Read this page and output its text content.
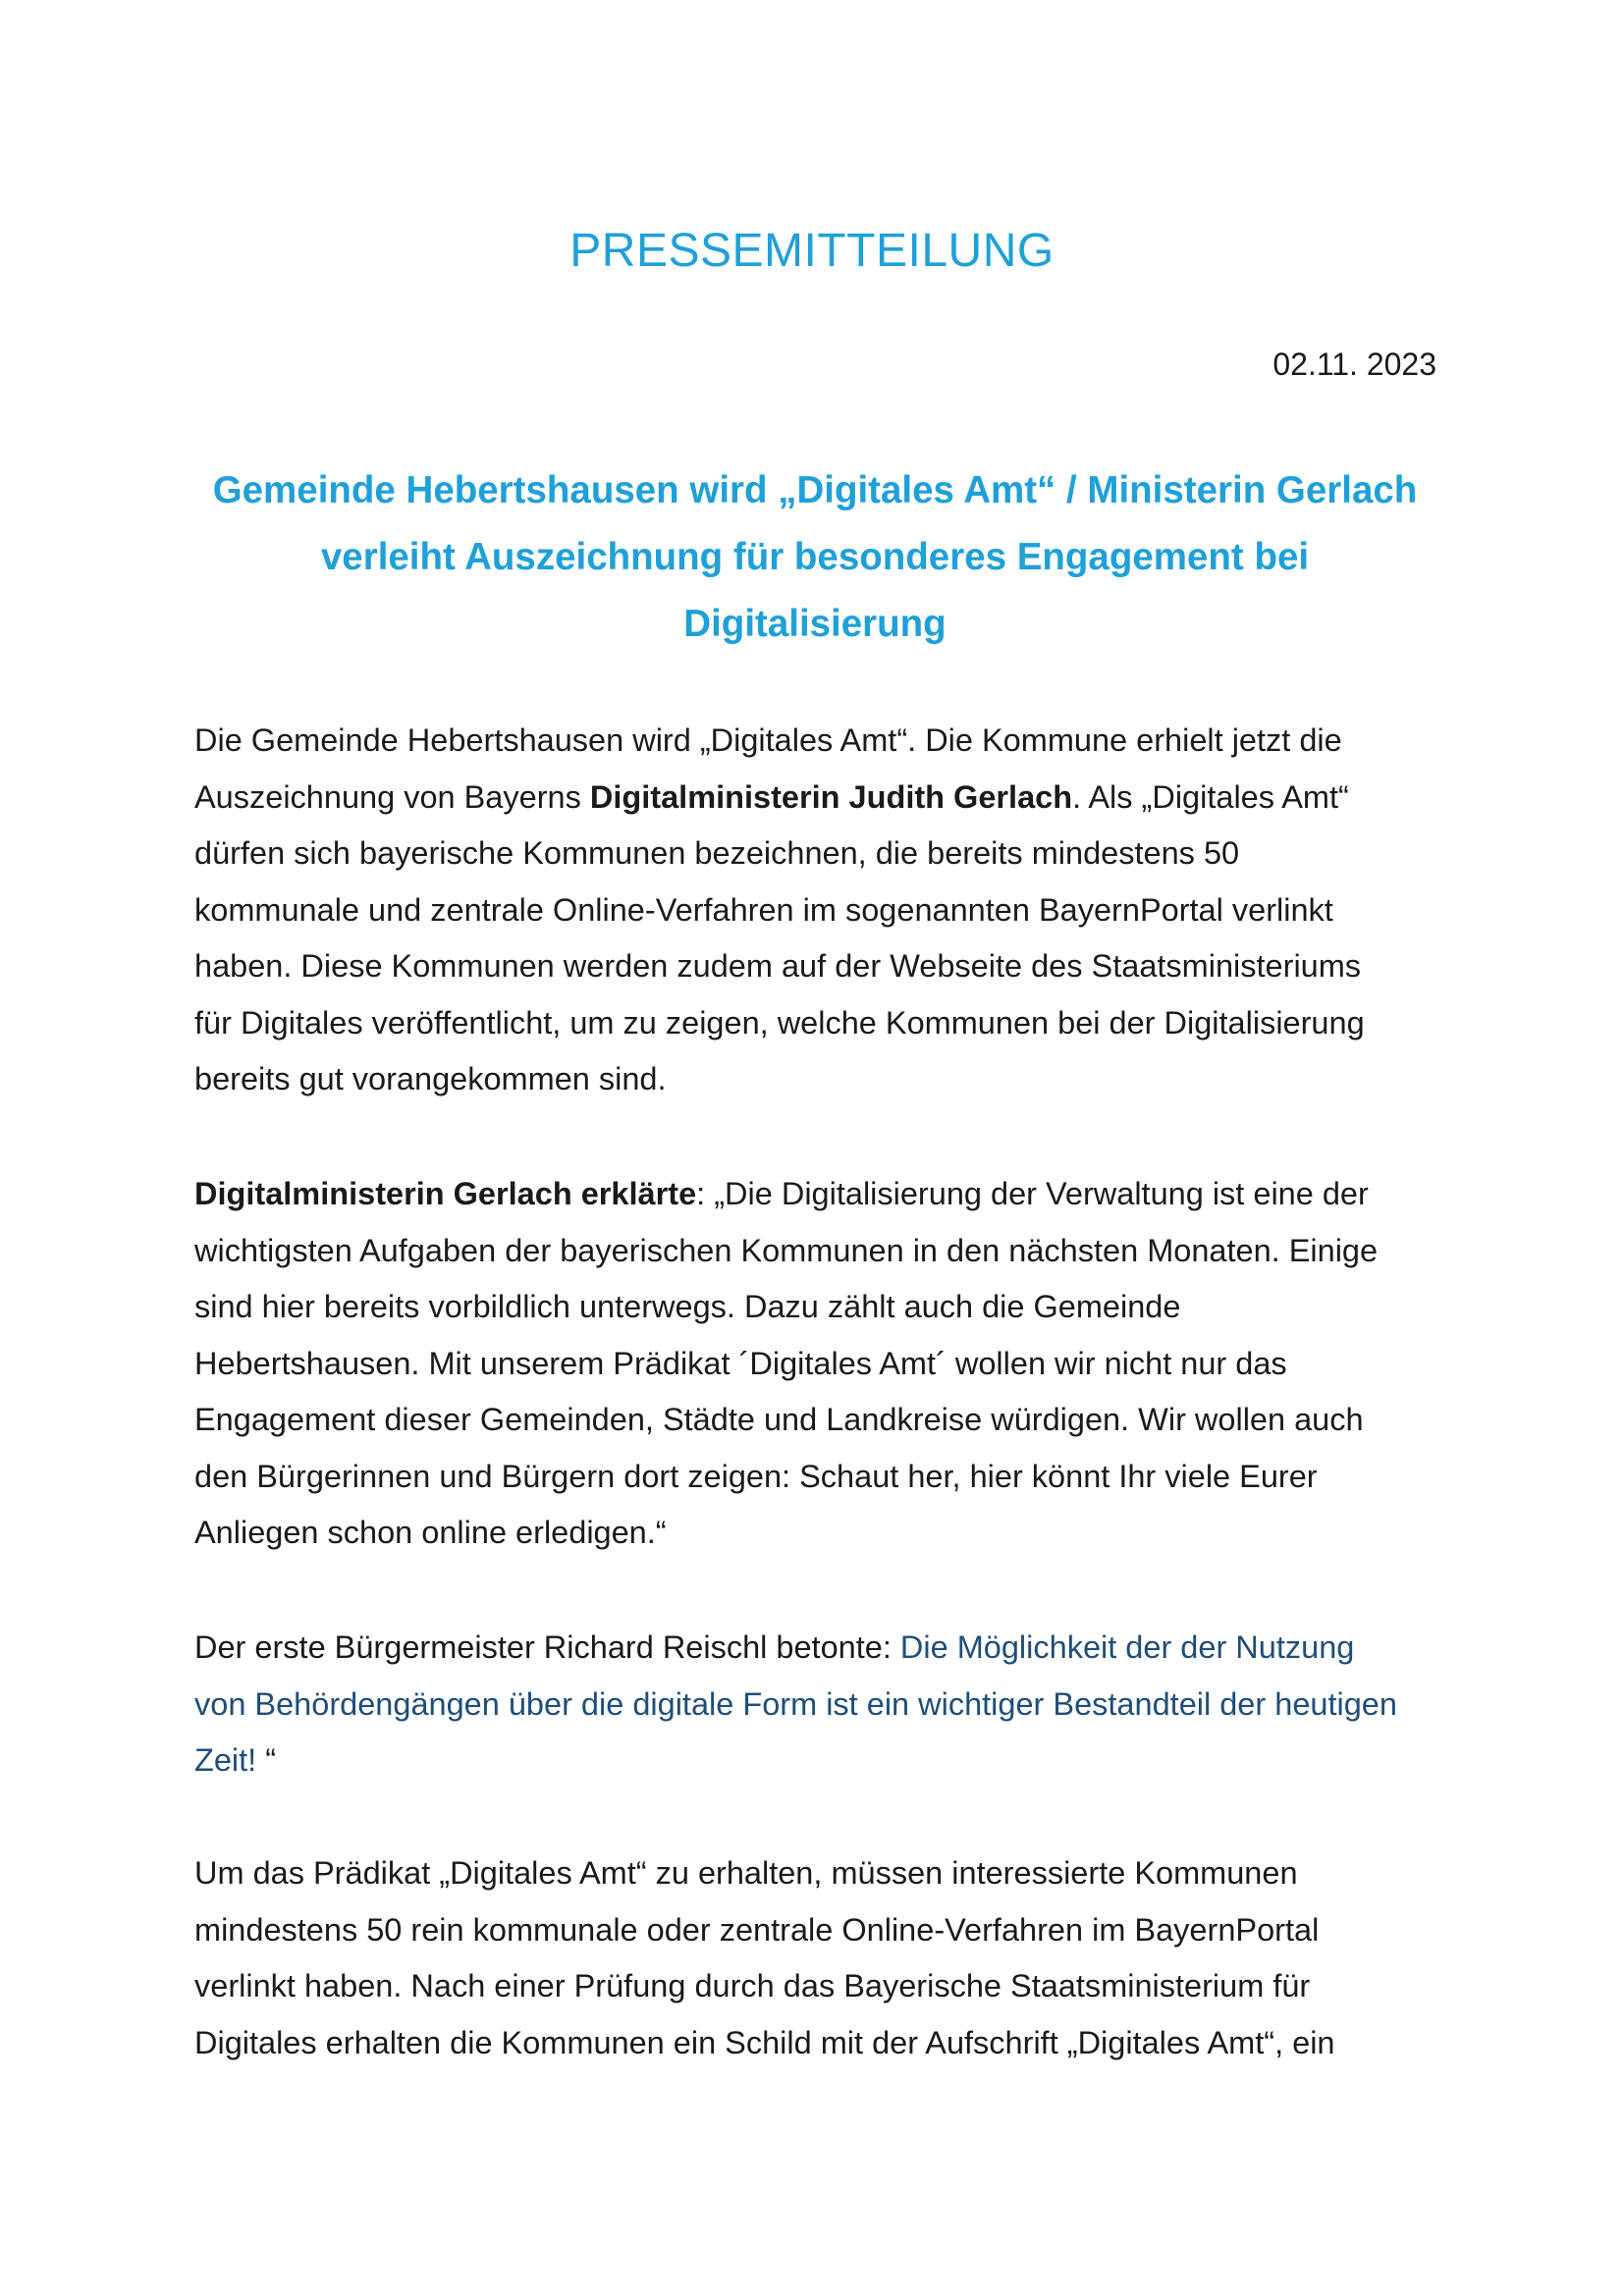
PRESSEMITTEILUNG
02.11. 2023
Gemeinde Hebertshausen wird „Digitales Amt“ / Ministerin Gerlach
verleiht Auszeichnung für besonderes Engagement bei
Digitalisierung
Die Gemeinde Hebertshausen wird „Digitales Amt“. Die Kommune erhielt jetzt die
Auszeichnung von Bayerns Digitalministerin Judith Gerlach. Als „Digitales Amt“
dürfen sich bayerische Kommunen bezeichnen, die bereits mindestens 50
kommunale und zentrale Online-Verfahren im sogenannten BayernPortal verlinkt
haben. Diese Kommunen werden zudem auf der Webseite des Staatsministeriums
für Digitales veröffentlicht, um zu zeigen, welche Kommunen bei der Digitalisierung
bereits gut vorangekommen sind.
Digitalministerin Gerlach erklärte: „Die Digitalisierung der Verwaltung ist eine der
wichtigsten Aufgaben der bayerischen Kommunen in den nächsten Monaten. Einige
sind hier bereits vorbildlich unterwegs. Dazu zählt auch die Gemeinde
Hebertshausen. Mit unserem Prädikat ´Digitales Amt´ wollen wir nicht nur das
Engagement dieser Gemeinden, Städte und Landkreise würdigen. Wir wollen auch
den Bürgerinnen und Bürgern dort zeigen: Schaut her, hier könnt Ihr viele Eurer
Anliegen schon online erledigen.“
Der erste Bürgermeister Richard Reischl betonte: Die Möglichkeit der der Nutzung
von Behördengängen über die digitale Form ist ein wichtiger Bestandteil der heutigen
Zeit! “
Um das Prädikat „Digitales Amt“ zu erhalten, müssen interessierte Kommunen
mindestens 50 rein kommunale oder zentrale Online-Verfahren im BayernPortal
verlinkt haben. Nach einer Prüfung durch das Bayerische Staatsministerium für
Digitales erhalten die Kommunen ein Schild mit der Aufschrift „Digitales Amt“, ein
